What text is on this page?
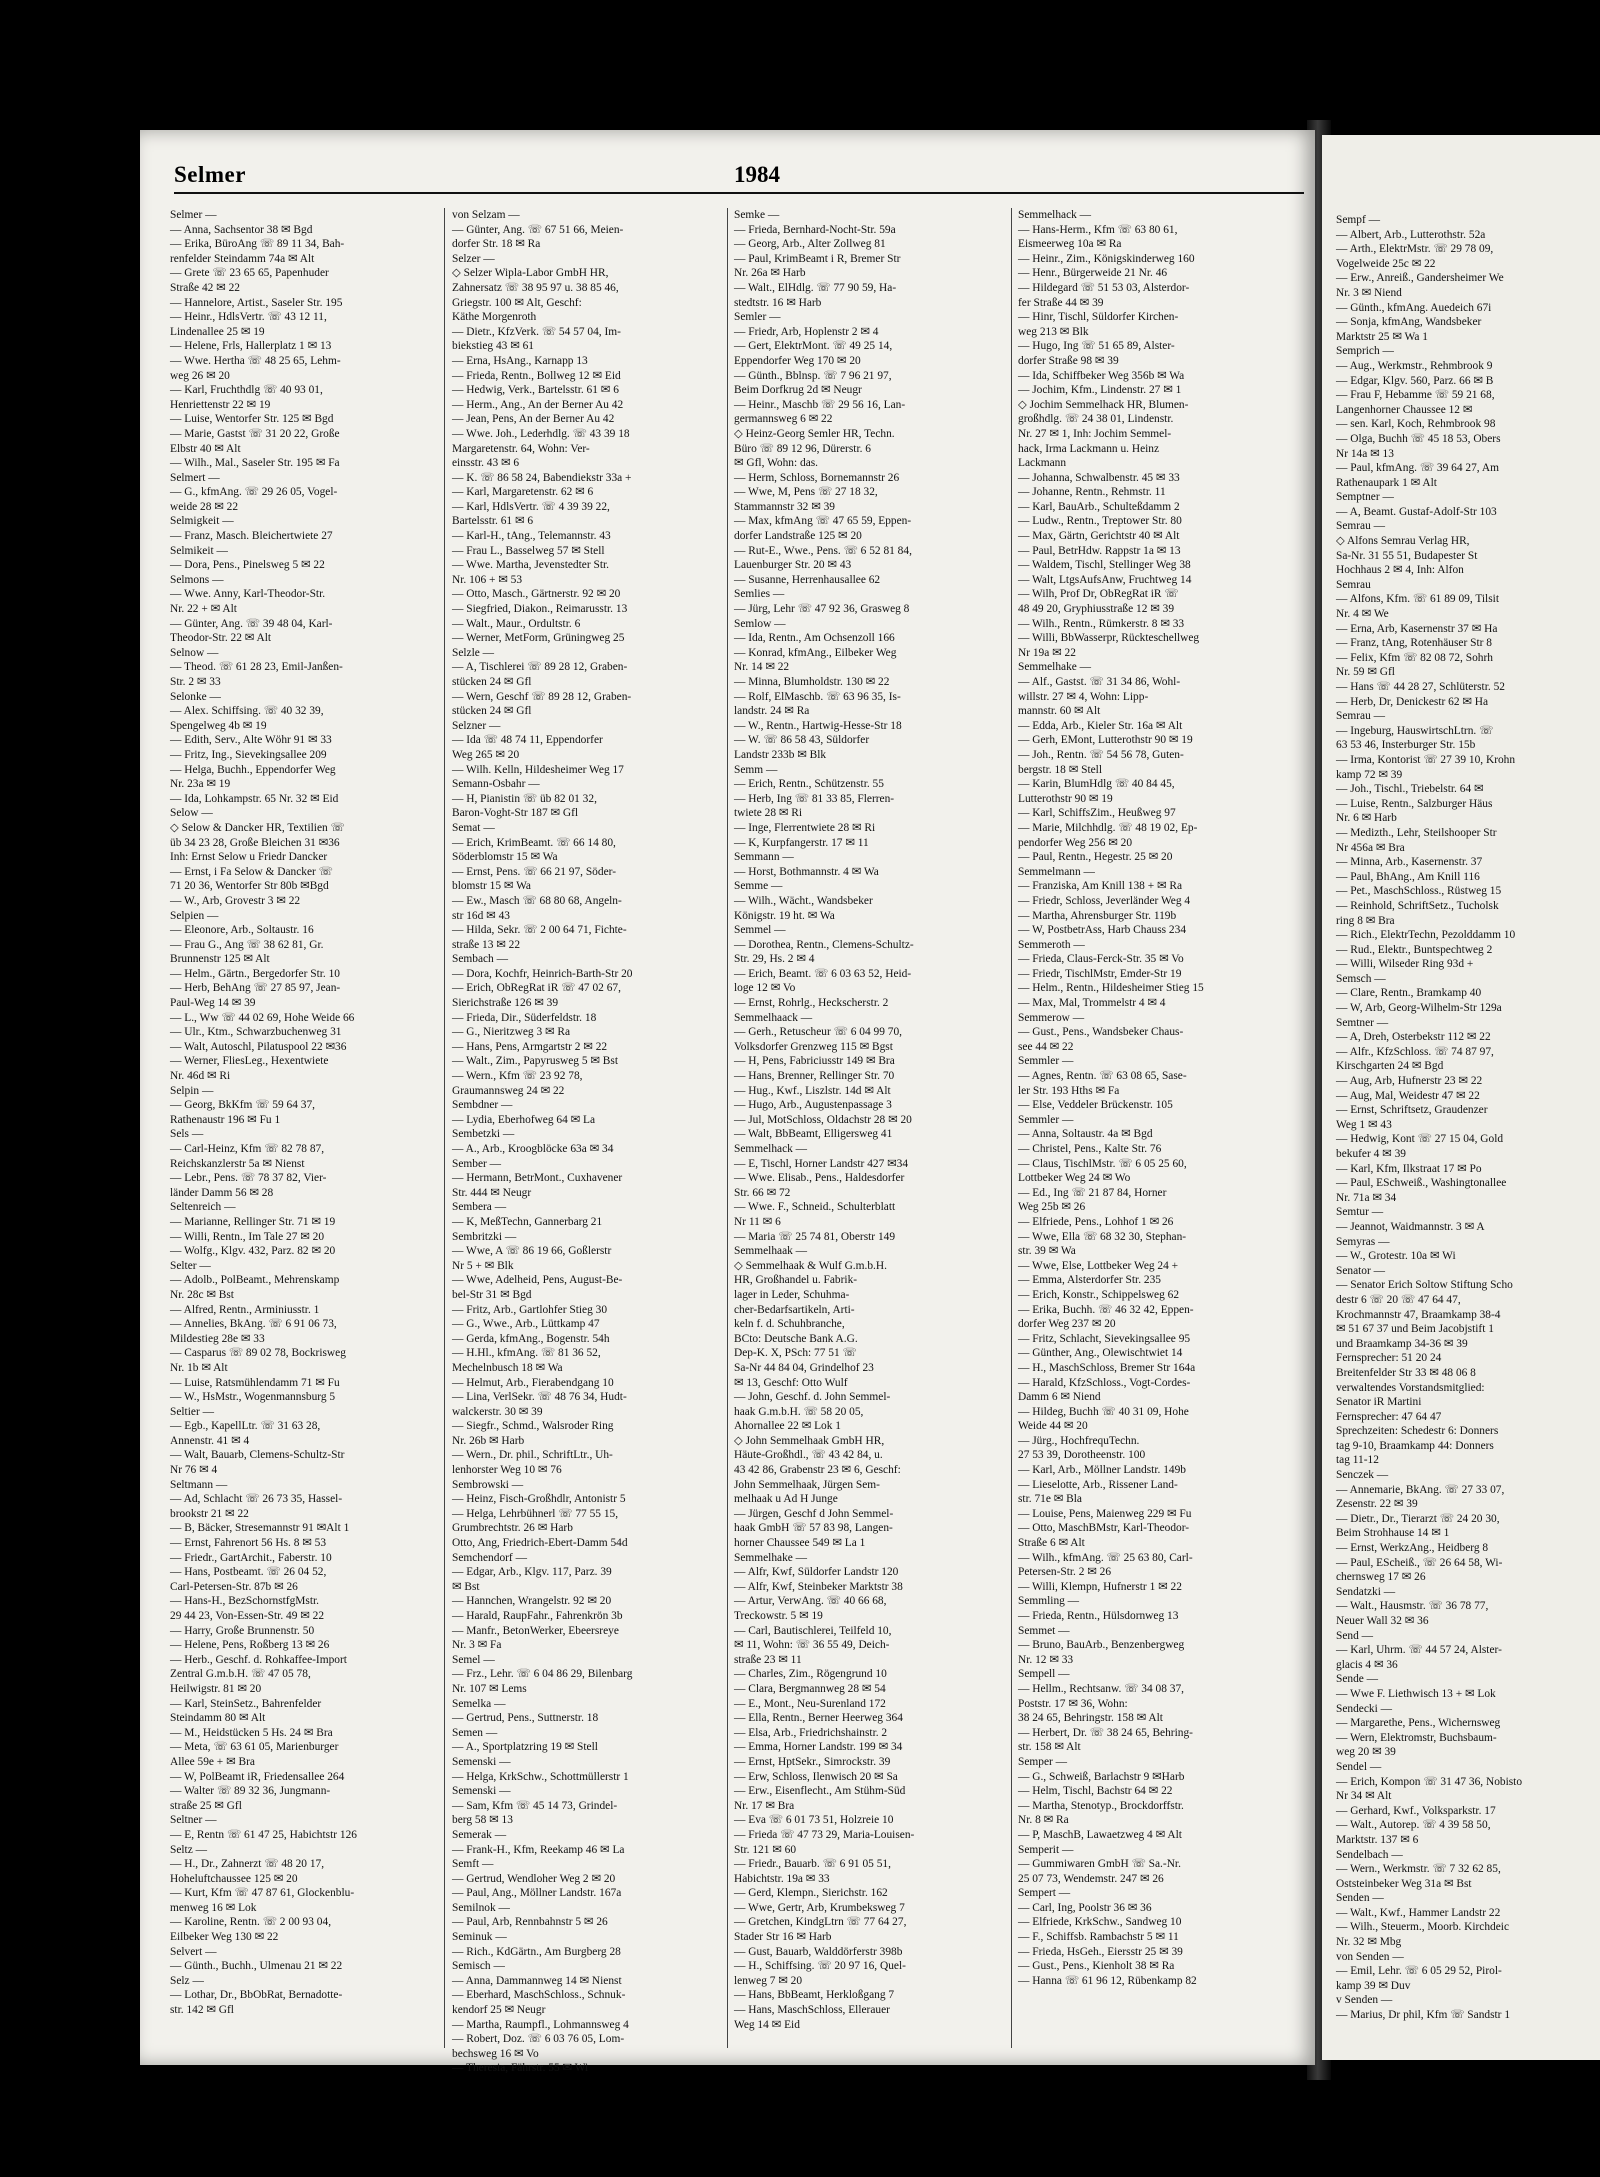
Selmer	1984
Selmer —
— Anna, Sachsentor 38 ✉ Bgd
— Erika, BüroAng ☏ 89 11 34, Bah-
renfelder Steindamm 74a ✉ Alt
— Grete ☏ 23 65 65, Papenhuder
Straße 42 ✉ 22
— Hannelore, Artist., Saseler Str. 195
— Heinr., HdlsVertr. ☏ 43 12 11,
Lindenallee 25 ✉ 19
— Helene, Frls, Hallerplatz 1 ✉ 13
— Wwe. Hertha ☏ 48 25 65, Lehm-
weg 26 ✉ 20
— Karl, Fruchthdlg ☏ 40 93 01,
Henriettenstr 22 ✉ 19
— Luise, Wentorfer Str. 125 ✉ Bgd
— Marie, Gastst ☏ 31 20 22, Große
Elbstr 40 ✉ Alt
— Wilh., Mal., Saseler Str. 195 ✉ Fa
Selmert —
— G., kfmAng. ☏ 29 26 05, Vogel-
weide 28 ✉ 22
Selmigkeit —
— Franz, Masch. Bleichertwiete 27
Selmikeit —
— Dora, Pens., Pinelsweg 5 ✉ 22
Selmons —
— Wwe. Anny, Karl-Theodor-Str.
Nr. 22 + ✉ Alt
— Günter, Ang. ☏ 39 48 04, Karl-
Theodor-Str. 22 ✉ Alt
Selnow —
— Theod. ☏ 61 28 23, Emil-Janßen-
Str. 2 ✉ 33
Selonke —
— Alex. Schiffsing. ☏ 40 32 39,
Spengelweg 4b ✉ 19
— Edith, Serv., Alte Wöhr 91 ✉ 33
— Fritz, Ing., Sievekingsallee 209
— Helga, Buchh., Eppendorfer Weg
Nr. 23a ✉ 19
— Ida, Lohkampstr. 65 Nr. 32 ✉ Eid
Selow —
◇ Selow & Dancker HR, Textilien ☏
üb 34 23 28, Große Bleichen 31 ✉36
Inh: Ernst Selow u Friedr Dancker
— Ernst, i Fa Selow & Dancker ☏
71 20 36, Wentorfer Str 80b ✉Bgd
— W., Arb, Grovestr 3 ✉ 22
Selpien —
— Eleonore, Arb., Soltaustr. 16
— Frau G., Ang ☏ 38 62 81, Gr.
Brunnenstr 125 ✉ Alt
— Helm., Gärtn., Bergedorfer Str. 10
— Herb, BehAng ☏ 27 85 97, Jean-
Paul-Weg 14 ✉ 39
— L., Ww ☏ 44 02 69, Hohe Weide 66
— Ulr., Ktm., Schwarzbuchenweg 31
— Walt, Autoschl, Pilatuspool 22 ✉36
— Werner, FliesLeg., Hexentwiete
Nr. 46d ✉ Ri
Selpin —
— Georg, BkKfm ☏ 59 64 37,
Rathenaustr 196 ✉ Fu 1
Sels —
— Carl-Heinz, Kfm ☏ 82 78 87,
Reichskanzlerstr 5a ✉ Nienst
— Lebr., Pens. ☏ 78 37 82, Vier-
länder Damm 56 ✉ 28
Seltenreich —
— Marianne, Rellinger Str. 71 ✉ 19
— Willi, Rentn., Im Tale 27 ✉ 20
— Wolfg., Klgv. 432, Parz. 82 ✉ 20
Selter —
— Adolb., PolBeamt., Mehrenskamp
Nr. 28c ✉ Bst
— Alfred, Rentn., Arminiusstr. 1
— Annelies, BkAng. ☏ 6 91 06 73,
Mildestieg 28e ✉ 33
— Casparus ☏ 89 02 78, Bockrisweg
Nr. 1b ✉ Alt
— Luise, Ratsmühlendamm 71 ✉ Fu
— W., HsMstr., Wogenmannsburg 5
Seltier —
— Egb., KapellLtr. ☏ 31 63 28,
Annenstr. 41 ✉ 4
— Walt, Bauarb, Clemens-Schultz-Str
Nr 76 ✉ 4
Seltmann —
— Ad, Schlacht ☏ 26 73 35, Hassel-
brookstr 21 ✉ 22
— B, Bäcker, Stresemannstr 91 ✉Alt 1
— Ernst, Fahrenort 56 Hs. 8 ✉ 53
— Friedr., GartArchit., Faberstr. 10
— Hans, Postbeamt. ☏ 26 04 52,
Carl-Petersen-Str. 87b ✉ 26
— Hans-H., BezSchornstfgMstr.
29 44 23, Von-Essen-Str. 49 ✉ 22
— Harry, Große Brunnenstr. 50
— Helene, Pens, Roßberg 13 ✉ 26
— Herb., Geschf. d. Rohkaffee-Import
Zentral G.m.b.H. ☏ 47 05 78,
Heilwigstr. 81 ✉ 20
— Karl, SteinSetz., Bahrenfelder
Steindamm 80 ✉ Alt
— M., Heidstücken 5 Hs. 24 ✉ Bra
— Meta, ☏ 63 61 05, Marienburger
Allee 59e + ✉ Bra
— W, PolBeamt iR, Friedensallee 264
— Walter ☏ 89 32 36, Jungmann-
straße 25 ✉ Gfl
Seltner —
— E, Rentn ☏ 61 47 25, Habichtstr 126
Seltz —
— H., Dr., Zahnerzt ☏ 48 20 17,
Hoheluftchaussee 125 ✉ 20
— Kurt, Kfm ☏ 47 87 61, Glockenblu-
menweg 16 ✉ Lok
— Karoline, Rentn. ☏ 2 00 93 04,
Eilbeker Weg 130 ✉ 22
Selvert —
— Günth., Buchh., Ulmenau 21 ✉ 22
Selz —
— Lothar, Dr., BbObRat, Bernadotte-
str. 142 ✉ Gfl
von Selzam —
— Günter, Ang. ☏ 67 51 66, Meien-
dorfer Str. 18 ✉ Ra
Selzer —
◇ Selzer Wipla-Labor GmbH HR,
Zahnersatz ☏ 38 95 97 u. 38 85 46,
Griegstr. 100 ✉ Alt, Geschf:
Käthe Morgenroth
— Dietr., KfzVerk. ☏ 54 57 04, Im-
biekstieg 43 ✉ 61
— Erna, HsAng., Karnapp 13
— Frieda, Rentn., Bollweg 12 ✉ Eid
— Hedwig, Verk., Bartelsstr. 61 ✉ 6
— Herm., Ang., An der Berner Au 42
— Jean, Pens, An der Berner Au 42
— Wwe. Joh., Lederhdlg. ☏ 43 39 18
Margaretenstr. 64, Wohn: Ver-
einsstr. 43 ✉ 6
— K. ☏ 86 58 24, Babendiekstr 33a +
— Karl, Margaretenstr. 62 ✉ 6
— Karl, HdlsVertr. ☏ 4 39 39 22,
Bartelsstr. 61 ✉ 6
— Karl-H., tAng., Telemannstr. 43
— Frau L., Basselweg 57 ✉ Stell
— Wwe. Martha, Jevenstedter Str.
Nr. 106 + ✉ 53
— Otto, Masch., Gärtnerstr. 92 ✉ 20
— Siegfried, Diakon., Reimarusstr. 13
— Walt., Maur., Ordultstr. 6
— Werner, MetForm, Grüningweg 25
Selzle —
— A, Tischlerei ☏ 89 28 12, Graben-
stücken 24 ✉ Gfl
— Wern, Geschf ☏ 89 28 12, Graben-
stücken 24 ✉ Gfl
Selzner —
— Ida ☏ 48 74 11, Eppendorfer
Weg 265 ✉ 20
— Wilh. Kelln, Hildesheimer Weg 17
Semann-Osbahr —
— H, Pianistin ☏ üb 82 01 32,
Baron-Voght-Str 187 ✉ Gfl
Semat —
— Erich, KrimBeamt. ☏ 66 14 80,
Söderblomstr 15 ✉ Wa
— Ernst, Pens. ☏ 66 21 97, Söder-
blomstr 15 ✉ Wa
— Ew., Masch ☏ 68 80 68, Angeln-
str 16d ✉ 43
— Hilda, Sekr. ☏ 2 00 64 71, Fichte-
straße 13 ✉ 22
Sembach —
— Dora, Kochfr, Heinrich-Barth-Str 20
— Erich, ObRegRat iR ☏ 47 02 67,
Sierichstraße 126 ✉ 39
— Frieda, Dir., Süderfeldstr. 18
— G., Nieritzweg 3 ✉ Ra
— Hans, Pens, Armgartstr 2 ✉ 22
— Walt., Zim., Papyrusweg 5 ✉ Bst
— Wern., Kfm ☏ 23 92 78,
Graumannsweg 24 ✉ 22
Sembdner —
— Lydia, Eberhofweg 64 ✉ La
Sembetzki —
— A., Arb., Kroogblöcke 63a ✉ 34
Sember —
— Hermann, BetrMont., Cuxhavener
Str. 444 ✉ Neugr
Sembera —
— K, MeßTechn, Gannerbarg 21
Sembritzki —
— Wwe, A ☏ 86 19 66, Goßlerstr
Nr 5 + ✉ Blk
— Wwe, Adelheid, Pens, August-Be-
bel-Str 31 ✉ Bgd
— Fritz, Arb., Gartlohfer Stieg 30
— G., Wwe., Arb., Lüttkamp 47
— Gerda, kfmAng., Bogenstr. 54h
— H.Hl., kfmAng. ☏ 81 36 52,
Mechelnbusch 18 ✉ Wa
— Helmut, Arb., Fierabendgang 10
— Lina, VerlSekr. ☏ 48 76 34, Hudt-
walckerstr. 30 ✉ 39
— Siegfr., Schmd., Walsroder Ring
Nr. 26b ✉ Harb
— Wern., Dr. phil., SchriftLtr., Uh-
lenhorster Weg 10 ✉ 76
Sembrowski —
— Heinz, Fisch-Großhdlr, Antonistr 5
— Helga, Lehrbühnerl ☏ 77 55 15,
Grumbrechtstr. 26 ✉ Harb
Otto, Ang, Friedrich-Ebert-Damm 54d
Semchendorf —
— Edgar, Arb., Klgv. 117, Parz. 39
✉ Bst
— Hannchen, Wrangelstr. 92 ✉ 20
— Harald, RaupFahr., Fahrenkrön 3b
— Manfr., BetonWerker, Ebeersreye
Nr. 3 ✉ Fa
Semel —
— Frz., Lehr. ☏ 6 04 86 29, Bilenbarg
Nr. 107 ✉ Lems
Semelka —
— Gertrud, Pens., Suttnerstr. 18
Semen —
— A., Sportplatzring 19 ✉ Stell
Semenski —
— Helga, KrkSchw., Schottmüllerstr 1
Semenski —
— Sam, Kfm ☏ 45 14 73, Grindel-
berg 58 ✉ 13
Semerak —
— Frank-H., Kfm, Reekamp 46 ✉ La
Semft —
— Gertrud, Wendloher Weg 2 ✉ 20
— Paul, Ang., Möllner Landstr. 167a
Semilnok —
— Paul, Arb, Rennbahnstr 5 ✉ 26
Seminuk —
— Rich., KdGärtn., Am Burgberg 28
Semisch —
— Anna, Dammannweg 14 ✉ Nienst
— Eberhard, MaschSchloss., Schnuk-
kendorf 25 ✉ Neugr
— Martha, Raumpfl., Lohmannsweg 4
— Robert, Doz. ☏ 6 03 76 05, Lom-
bechsweg 16 ✉ Vo
— Theresia, Fährstr. 55 ✉ Wi
Semke —
— Frieda, Bernhard-Nocht-Str. 59a
— Georg, Arb., Alter Zollweg 81
— Paul, KrimBeamt i R, Bremer Str
Nr. 26a ✉ Harb
— Walt., ElHdlg. ☏ 77 90 59, Ha-
stedtstr. 16 ✉ Harb
Semler —
— Friedr, Arb, Hoplenstr 2 ✉ 4
— Gert, ElektrMont. ☏ 49 25 14,
Eppendorfer Weg 170 ✉ 20
— Günth., Bblnsp. ☏ 7 96 21 97,
Beim Dorfkrug 2d ✉ Neugr
— Heinr., Maschb ☏ 29 56 16, Lan-
germannsweg 6 ✉ 22
◇ Heinz-Georg Semler HR, Techn.
Büro ☏ 89 12 96, Dürerstr. 6
✉ Gfl, Wohn: das.
— Herm, Schloss, Bornemannstr 26
— Wwe, M, Pens ☏ 27 18 32,
Stammannstr 32 ✉ 39
— Max, kfmAng ☏ 47 65 59, Eppen-
dorfer Landstraße 125 ✉ 20
— Rut-E., Wwe., Pens. ☏ 6 52 81 84,
Lauenburger Str. 20 ✉ 43
— Susanne, Herrenhausallee 62
Semlies —
— Jürg, Lehr ☏ 47 92 36, Grasweg 8
Semlow —
— Ida, Rentn., Am Ochsenzoll 166
— Konrad, kfmAng., Eilbeker Weg
Nr. 14 ✉ 22
— Minna, Blumholdstr. 130 ✉ 22
— Rolf, ElMaschb. ☏ 63 96 35, Is-
landstr. 24 ✉ Ra
— W., Rentn., Hartwig-Hesse-Str 18
— W. ☏ 86 58 43, Süldorfer
Landstr 233b ✉ Blk
Semm —
— Erich, Rentn., Schützenstr. 55
— Herb, Ing ☏ 81 33 85, Flerren-
twiete 28 ✉ Ri
— Inge, Flerrentwiete 28 ✉ Ri
— K, Kurpfangerstr. 17 ✉ 11
Semmann —
— Horst, Bothmannstr. 4 ✉ Wa
Semme —
— Wilh., Wächt., Wandsbeker
Königstr. 19 ht. ✉ Wa
Semmel —
— Dorothea, Rentn., Clemens-Schultz-
Str. 29, Hs. 2 ✉ 4
— Erich, Beamt. ☏ 6 03 63 52, Heid-
loge 12 ✉ Vo
— Ernst, Rohrlg., Heckscherstr. 2
Semmelhaack —
— Gerh., Retuscheur ☏ 6 04 99 70,
Volksdorfer Grenzweg 115 ✉ Bgst
— H, Pens, Fabriciusstr 149 ✉ Bra
— Hans, Brenner, Rellinger Str. 70
— Hug., Kwf., Liszlstr. 14d ✉ Alt
— Hugo, Arb., Augustenpassage 3
— Jul, MotSchloss, Oldachstr 28 ✉ 20
— Walt, BbBeamt, Elligersweg 41
Semmelhack —
— E, Tischl, Horner Landstr 427 ✉34
— Wwe. Elisab., Pens., Haldesdorfer
Str. 66 ✉ 72
— Wwe. F., Schneid., Schulterblatt
Nr 11 ✉ 6
— Maria ☏ 25 74 81, Oberstr 149
Semmelhaak —
◇ Semmelhaak & Wulf G.m.b.H.
HR, Großhandel u. Fabrik-
lager in Leder, Schuhma-
cher-Bedarfsartikeln, Arti-
keln f. d. Schuhbranche,
BCto: Deutsche Bank A.G.
Dep-K. X, PSch: 77 51 ☏
Sa-Nr 44 84 04, Grindelhof 23
✉ 13, Geschf: Otto Wulf
— John, Geschf. d. John Semmel-
haak G.m.b.H. ☏ 58 20 05,
Ahornallee 22 ✉ Lok 1
◇ John Semmelhaak GmbH HR,
Häute-Großhdl., ☏ 43 42 84, u.
43 42 86, Grabenstr 23 ✉ 6, Geschf:
John Semmelhaak, Jürgen Sem-
melhaak u Ad H Junge
— Jürgen, Geschf d John Semmel-
haak GmbH ☏ 57 83 98, Langen-
horner Chaussee 549 ✉ La 1
Semmelhake —
— Alfr, Kwf, Süldorfer Landstr 120
— Alfr, Kwf, Steinbeker Marktstr 38
— Artur, VerwAng. ☏ 40 66 68,
Treckowstr. 5 ✉ 19
— Carl, Bautischlerei, Teilfeld 10,
✉ 11, Wohn: ☏ 36 55 49, Deich-
straße 23 ✉ 11
— Charles, Zim., Rögengrund 10
— Clara, Bergmannweg 28 ✉ 54
— E., Mont., Neu-Surenland 172
— Ella, Rentn., Berner Heerweg 364
— Elsa, Arb., Friedrichshainstr. 2
— Emma, Horner Landstr. 199 ✉ 34
— Ernst, HptSekr., Simrockstr. 39
— Erw, Schloss, Ilenwisch 20 ✉ Sa
— Erw., Eisenflecht., Am Stühm-Süd
Nr. 17 ✉ Bra
— Eva ☏ 6 01 73 51, Holzreie 10
— Frieda ☏ 47 73 29, Maria-Louisen-
Str. 121 ✉ 60
— Friedr., Bauarb. ☏ 6 91 05 51,
Habichtstr. 19a ✉ 33
— Gerd, Klempn., Sierichstr. 162
— Wwe, Gertr, Arb, Krumbeksweg 7
— Gretchen, KindgLtrn ☏ 77 64 27,
Stader Str 16 ✉ Harb
— Gust, Bauarb, Walddörferstr 398b
— H., Schiffsing. ☏ 20 97 16, Quel-
lenweg 7 ✉ 20
— Hans, BbBeamt, Herkloßgang 7
— Hans, MaschSchloss, Ellerauer
Weg 14 ✉ Eid
Semmelhack —
— Hans-Herm., Kfm ☏ 63 80 61,
Eismeerweg 10a ✉ Ra
— Heinr., Zim., Königskinderweg 160
— Henr., Bürgerweide 21 Nr. 46
— Hildegard ☏ 51 53 03, Alsterdor-
fer Straße 44 ✉ 39
— Hinr, Tischl, Süldorfer Kirchen-
weg 213 ✉ Blk
— Hugo, Ing ☏ 51 65 89, Alster-
dorfer Straße 98 ✉ 39
— Ida, Schiffbeker Weg 356b ✉ Wa
— Jochim, Kfm., Lindenstr. 27 ✉ 1
◇ Jochim Semmelhack HR, Blumen-
großhdlg. ☏ 24 38 01, Lindenstr.
Nr. 27 ✉ 1, Inh: Jochim Semmel-
hack, Irma Lackmann u. Heinz
Lackmann
— Johanna, Schwalbenstr. 45 ✉ 33
— Johanne, Rentn., Rehmstr. 11
— Karl, BauArb., Schulteßdamm 2
— Ludw., Rentn., Treptower Str. 80
— Max, Gärtn, Gerichtstr 40 ✉ Alt
— Paul, BetrHdw. Rappstr 1a ✉ 13
— Waldem, Tischl, Stellinger Weg 38
— Walt, LtgsAufsAnw, Fruchtweg 14
— Wilh, Prof Dr, ObRegRat iR ☏
48 49 20, Gryphiusstraße 12 ✉ 39
— Wilh., Rentn., Rümkerstr. 8 ✉ 33
— Willi, BbWasserpr, Rückteschellweg
Nr 19a ✉ 22
Semmelhake —
— Alf., Gastst. ☏ 31 34 86, Wohl-
willstr. 27 ✉ 4, Wohn: Lipp-
mannstr. 60 ✉ Alt
— Edda, Arb., Kieler Str. 16a ✉ Alt
— Gerh, EMont, Lutterothstr 90 ✉ 19
— Joh., Rentn. ☏ 54 56 78, Guten-
bergstr. 18 ✉ Stell
— Karin, BlumHdlg ☏ 40 84 45,
Lutterothstr 90 ✉ 19
— Karl, SchiffsZim., Heußweg 97
— Marie, Milchhdlg. ☏ 48 19 02, Ep-
pendorfer Weg 256 ✉ 20
— Paul, Rentn., Hegestr. 25 ✉ 20
Semmelmann —
— Franziska, Am Knill 138 + ✉ Ra
— Friedr, Schloss, Jeverländer Weg 4
— Martha, Ahrensburger Str. 119b
— W, PostbetrAss, Harb Chauss 234
Semmeroth —
— Frieda, Claus-Ferck-Str. 35 ✉ Vo
— Friedr, TischlMstr, Emder-Str 19
— Helm., Rentn., Hildesheimer Stieg 15
— Max, Mal, Trommelstr 4 ✉ 4
Semmerow —
— Gust., Pens., Wandsbeker Chaus-
see 44 ✉ 22
Semmler —
— Agnes, Rentn. ☏ 63 08 65, Sase-
ler Str. 193 Hths ✉ Fa
— Else, Veddeler Brückenstr. 105
Semmler —
— Anna, Soltaustr. 4a ✉ Bgd
— Christel, Pens., Kalte Str. 76
— Claus, TischlMstr. ☏ 6 05 25 60,
Lottbeker Weg 24 ✉ Wo
— Ed., Ing ☏ 21 87 84, Horner
Weg 25b ✉ 26
— Elfriede, Pens., Lohhof 1 ✉ 26
— Wwe, Ella ☏ 68 32 30, Stephan-
str. 39 ✉ Wa
— Wwe, Else, Lottbeker Weg 24 +
— Emma, Alsterdorfer Str. 235
— Erich, Konstr., Schippelsweg 62
— Erika, Buchh. ☏ 46 32 42, Eppen-
dorfer Weg 237 ✉ 20
— Fritz, Schlacht, Sievekingsallee 95
— Günther, Ang., Olewischtwiet 14
— H., MaschSchloss, Bremer Str 164a
— Harald, KfzSchloss., Vogt-Cordes-
Damm 6 ✉ Niend
— Hildeg, Buchh ☏ 40 31 09, Hohe
Weide 44 ✉ 20
— Jürg., HochfrequTechn.
27 53 39, Dorotheenstr. 100
— Karl, Arb., Möllner Landstr. 149b
— Lieselotte, Arb., Rissener Land-
str. 71e ✉ Bla
— Louise, Pens, Maienweg 229 ✉ Fu
— Otto, MaschBMstr, Karl-Theodor-
Straße 6 ✉ Alt
— Wilh., kfmAng. ☏ 25 63 80, Carl-
Petersen-Str. 2 ✉ 26
— Willi, Klempn, Hufnerstr 1 ✉ 22
Semmling —
— Frieda, Rentn., Hülsdornweg 13
Semmet —
— Bruno, BauArb., Benzenbergweg
Nr. 12 ✉ 33
Sempell —
— Hellm., Rechtsanw. ☏ 34 08 37,
Poststr. 17 ✉ 36, Wohn:
38 24 65, Behringstr. 158 ✉ Alt
— Herbert, Dr. ☏ 38 24 65, Behring-
str. 158 ✉ Alt
Semper —
— G., Schweiß, Barlachstr 9 ✉Harb
— Helm, Tischl, Bachstr 64 ✉ 22
— Martha, Stenotyp., Brockdorffstr.
Nr. 8 ✉ Ra
— P, MaschB, Lawaetzweg 4 ✉ Alt
Semperit —
— Gummiwaren GmbH ☏ Sa.-Nr.
25 07 73, Wendemstr. 247 ✉ 26
Sempert —
— Carl, Ing, Poolstr 36 ✉ 36
— Elfriede, KrkSchw., Sandweg 10
— F., Schiffsb. Rambachstr 5 ✉ 11
— Frieda, HsGeh., Eiersstr 25 ✉ 39
— Gust., Pens., Kienholt 38 ✉ Ra
— Hanna ☏ 61 96 12, Rübenkamp 82
Sempf —
— Albert, Arb., Lutterothstr. 52a
— Arth., ElektrMstr. ☏ 29 78 09,
Vogelweide 25c ✉ 22
— Erw., Anreiß., Gandersheimer We
Nr. 3 ✉ Niend
— Günth., kfmAng. Auedeich 67i
— Sonja, kfmAng, Wandsbeker
Marktstr 25 ✉ Wa 1
Semprich —
— Aug., Werkmstr., Rehmbrook 9
— Edgar, Klgv. 560, Parz. 66 ✉ B
— Frau F, Hebamme ☏ 59 21 68,
Langenhorner Chaussee 12 ✉
— sen. Karl, Koch, Rehmbrook 98
— Olga, Buchh ☏ 45 18 53, Obers
Nr 14a ✉ 13
— Paul, kfmAng. ☏ 39 64 27, Am
Rathenaupark 1 ✉ Alt
Semptner —
— A, Beamt. Gustaf-Adolf-Str 103
Semrau —
◇ Alfons Semrau Verlag HR,
Sa-Nr. 31 55 51, Budapester St
Hochhaus 2 ✉ 4, Inh: Alfon
Semrau
— Alfons, Kfm. ☏ 61 89 09, Tilsit
Nr. 4 ✉ We
— Erna, Arb, Kasernenstr 37 ✉ Ha
— Franz, tAng, Rotenhäuser Str 8
— Felix, Kfm ☏ 82 08 72, Sohrh
Nr. 59 ✉ Gfl
— Hans ☏ 44 28 27, Schlüterstr. 52
— Herb, Dr, Denickestr 62 ✉ Ha
Semrau —
— Ingeburg, HauswirtschLtrn. ☏
63 53 46, Insterburger Str. 15b
— Irma, Kontorist ☏ 27 39 10, Krohn
kamp 72 ✉ 39
— Joh., Tischl., Triebelstr. 64 ✉
— Luise, Rentn., Salzburger Häus
Nr. 6 ✉ Harb
— Medizth., Lehr, Steilshooper Str
Nr 456a ✉ Bra
— Minna, Arb., Kasernenstr. 37
— Paul, BhAng., Am Knill 116
— Pet., MaschSchloss., Rüstweg 15
— Reinhold, SchriftSetz., Tucholsk
ring 8 ✉ Bra
— Rich., ElektrTechn, Pezolddamm 10
— Rud., Elektr., Buntspechtweg 2
— Willi, Wilseder Ring 93d +
Semsch —
— Clare, Rentn., Bramkamp 40
— W, Arb, Georg-Wilhelm-Str 129a
Semtner —
— A, Dreh, Osterbekstr 112 ✉ 22
— Alfr., KfzSchloss. ☏ 74 87 97,
Kirschgarten 24 ✉ Bgd
— Aug, Arb, Hufnerstr 23 ✉ 22
— Aug, Mal, Weidestr 47 ✉ 22
— Ernst, Schriftsetz, Graudenzer
Weg 1 ✉ 43
— Hedwig, Kont ☏ 27 15 04, Gold
bekufer 4 ✉ 39
— Karl, Kfm, Ilkstraat 17 ✉ Po
— Paul, ESchweiß., Washingtonallee
Nr. 71a ✉ 34
Semtur —
— Jeannot, Waidmannstr. 3 ✉ A
Semyras —
— W., Grotestr. 10a ✉ Wi
Senator —
— Senator Erich Soltow Stiftung Scho
destr 6 ☏ 20 ☏ 47 64 47,
Krochmannstr 47, Braamkamp 38-4
✉ 51 67 37 und Beim Jacobjstift 1
und Braamkamp 34-36 ✉ 39
Fernsprecher: 51 20 24
Breitenfelder Str 33 ✉ 48 06 8
verwaltendes Vorstandsmitglied:
Senator iR Martini
Fernsprecher: 47 64 47
Sprechzeiten: Schedestr 6: Donners
tag 9-10, Braamkamp 44: Donners
tag 11-12
Senczek —
— Annemarie, BkAng. ☏ 27 33 07,
Zesenstr. 22 ✉ 39
— Dietr., Dr., Tierarzt ☏ 24 20 30,
Beim Strohhause 14 ✉ 1
— Ernst, WerkzAng., Heidberg 8
— Paul, EScheiß., ☏ 26 64 58, Wi-
chernsweg 17 ✉ 26
Sendatzki —
— Walt., Hausmstr. ☏ 36 78 77,
Neuer Wall 32 ✉ 36
Send —
— Karl, Uhrm. ☏ 44 57 24, Alster-
glacis 4 ✉ 36
Sende —
— Wwe F. Liethwisch 13 + ✉ Lok
Sendecki —
— Margarethe, Pens., Wichernsweg
— Wern, Elektromstr, Buchsbaum-
weg 20 ✉ 39
Sendel —
— Erich, Kompon ☏ 31 47 36, Nobisto
Nr 34 ✉ Alt
— Gerhard, Kwf., Volksparkstr. 17
— Walt., Autorep. ☏ 4 39 58 50,
Marktstr. 137 ✉ 6
Sendelbach —
— Wern., Werkmstr. ☏ 7 32 62 85,
Oststeinbeker Weg 31a ✉ Bst
Senden —
— Walt., Kwf., Hammer Landstr 22
— Wilh., Steuerm., Moorb. Kirchdeic
Nr. 32 ✉ Mbg
von Senden —
— Emil, Lehr. ☏ 6 05 29 52, Pirol-
kamp 39 ✉ Duv
v Senden —
— Marius, Dr phil, Kfm ☏ Sandstr 1
